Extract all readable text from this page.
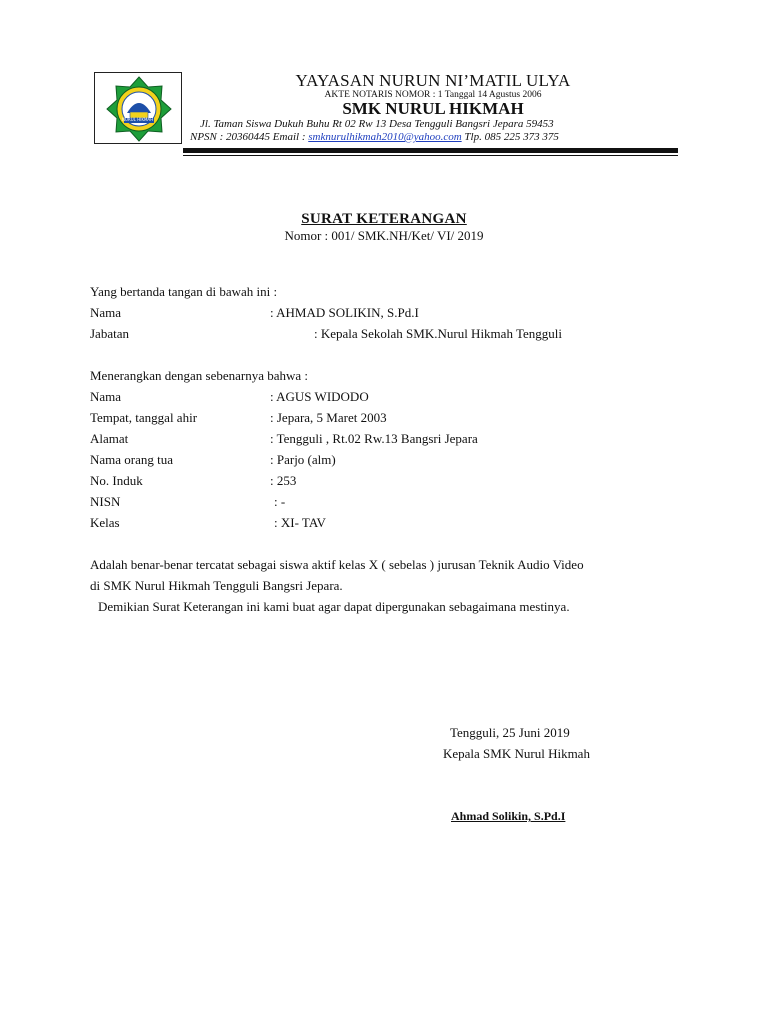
NURUL HIKMAH
YAYASAN NURUN NI’MATIL ULYA
AKTE NOTARIS NOMOR : 1 Tanggal 14 Agustus 2006
SMK NURUL HIKMAH
Jl. Taman Siswa Dukuh Buhu Rt 02 Rw 13 Desa Tengguli Bangsri Jepara 59453
NPSN : 20360445 Email : smknurulhikmah2010@yahoo.com Tlp. 085 225 373 375
SURAT KETERANGAN
Nomor : 001/ SMK.NH/Ket/ VI/ 2019
Yang bertanda tangan di bawah ini :
Nama	: AHMAD SOLIKIN, S.Pd.I
Jabatan	: Kepala Sekolah SMK.Nurul Hikmah Tengguli
Menerangkan dengan sebenarnya bahwa :
Nama	: AGUS WIDODO
Tempat, tanggal ahir	: Jepara, 5 Maret 2003
Alamat	: Tengguli , Rt.02 Rw.13 Bangsri Jepara
Nama orang tua	: Parjo (alm)
No. Induk	: 253
NISN	: -
Kelas	: XI- TAV
Adalah benar-benar tercatat sebagai siswa aktif kelas X ( sebelas ) jurusan Teknik Audio Video
di SMK Nurul Hikmah Tengguli Bangsri Jepara.
Demikian Surat Keterangan ini kami buat agar dapat dipergunakan sebagaimana mestinya.
Tengguli, 25 Juni 2019
Kepala SMK Nurul Hikmah
Ahmad Solikin, S.Pd.I
